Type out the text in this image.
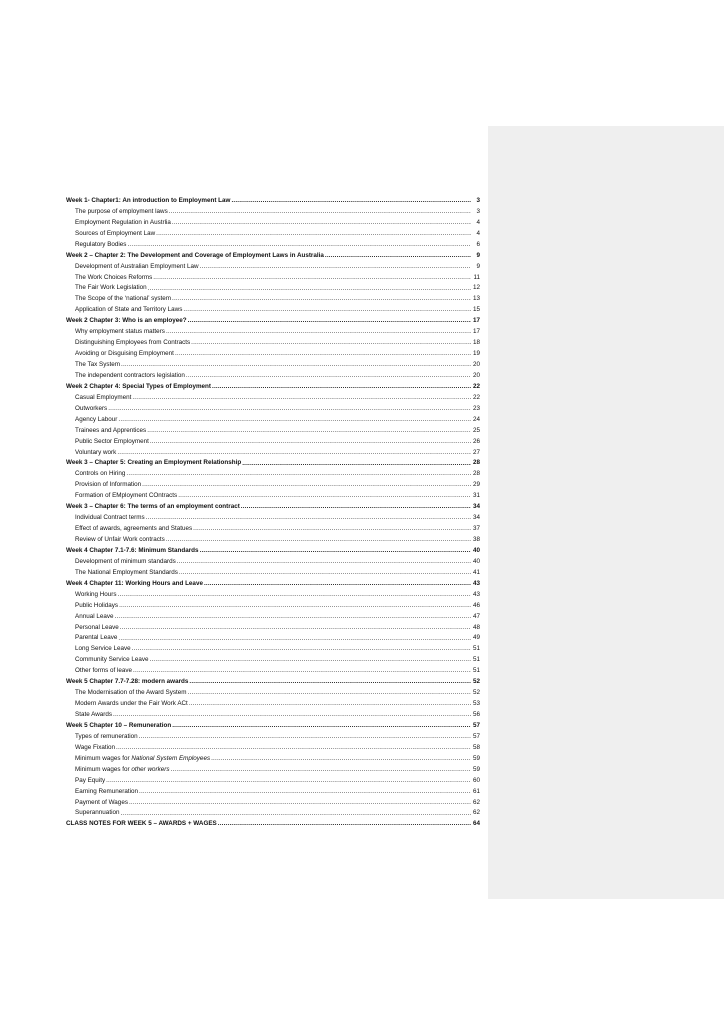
Week 1- Chapter1: An introduction to Employment Law .....	3
The purpose of employment laws .....	3
Employment Regulation in Austrlia .....	4
Sources of Employment Law .....	4
Regulatory Bodies .....	6
Week 2 – Chapter 2: The Development and Coverage of Employment Laws in Australia .....	9
Development of Australian Employment Law .....	9
The Work Choices Reforms .....	11
The Fair Work Legislation .....	12
The Scope of the ‘national’ system .....	13
Application of State and Territory Laws .....	15
Week 2 Chapter 3: Who is an employee? .....	17
Why employment status matters .....	17
Distinguishing Employees from Contracts .....	18
Avoiding or Disguising Employment .....	19
The Tax System .....	20
The independent contractors legislation .....	20
Week 2 Chapter 4: Special Types of Employment .....	22
Casual Employment .....	22
Outworkers .....	23
Agency Labour .....	24
Trainees and Apprentices .....	25
Public Sector Employment .....	26
Voluntary work .....	27
Week 3 – Chapter 5: Creating an Employment Relationship .....	28
Controls on Hiring .....	28
Provision of Information .....	29
Formation of EMployment COntracts .....	31
Week 3 – Chapter 6: The terms of an employment contract .....	34
Individual Contract terms .....	34
Effect of awards, agreements and Statues .....	37
Review of Unfair Work contracts .....	38
Week 4 Chapter 7.1-7.6: Minimum Standards .....	40
Development of minimum standards .....	40
The National Employment Standards .....	41
Week 4 Chapter 11: Working Hours and Leave .....	43
Working Hours .....	43
Public Holidays .....	46
Annual Leave .....	47
Personal Leave .....	48
Parental Leave .....	49
Long Service Leave .....	51
Community Service Leave .....	51
Other forms of leave .....	51
Week 5 Chapter 7.7-7.28: modern awards .....	52
The Modernisation of the Award System .....	52
Modern Awards under the Fair Work ACt .....	53
State Awards .....	56
Week 5 Chapter 10 – Remuneration .....	57
Types of remuneration .....	57
Wage Fixation .....	58
Minimum wages for National System Employees .....	59
Minimum wages for other workers .....	59
Pay Equity .....	60
Earning Remuneration .....	61
Payment of Wages .....	62
Superannuation .....	62
CLASS NOTES FOR WEEK 5 – AWARDS + WAGES .....	64
